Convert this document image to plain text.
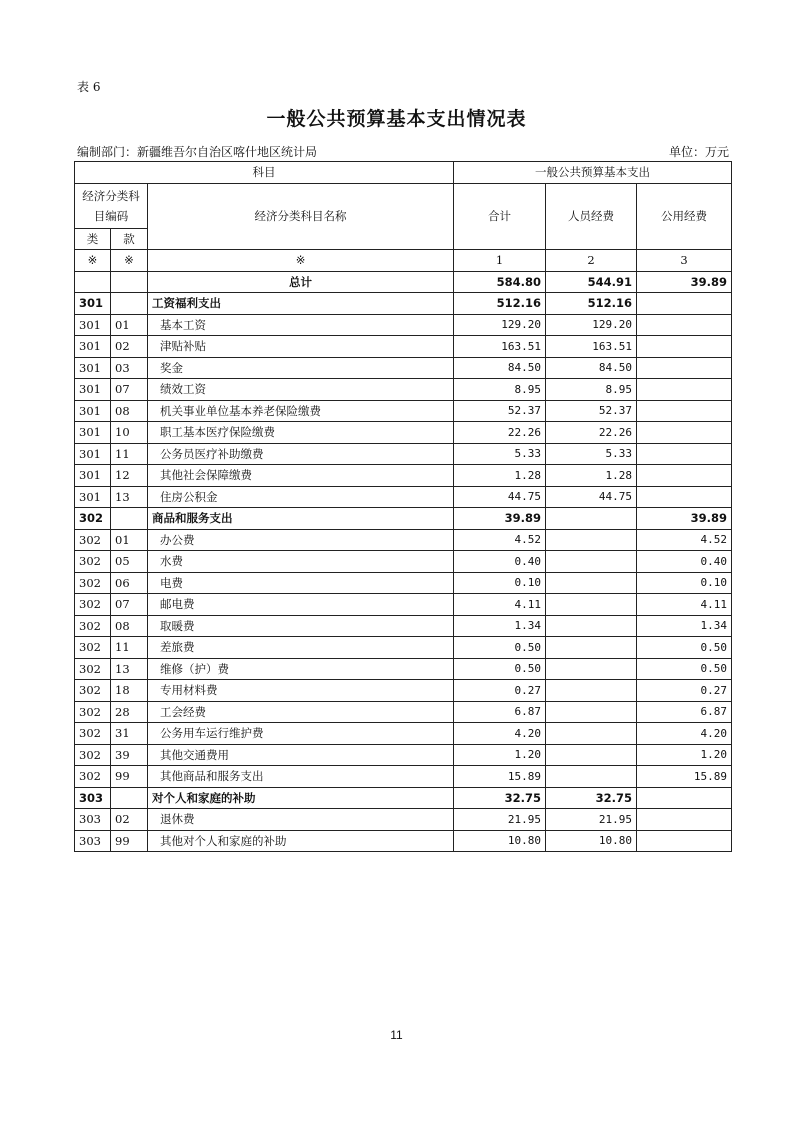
表 6
一般公共预算基本支出情况表
编制部门：新疆维吾尔自治区喀什地区统计局	单位：万元
科目			一般公共预算基本支出		
经济分类科目编码		经济分类科目名称	合计	人员经费	公用经费
类	款				
※	※	※	1	2	3
		总计	584.80	544.91	39.89
301		工资福利支出	512.16	512.16	
301	01	基本工资	129.20	129.20	
301	02	津贴补贴	163.51	163.51	
301	03	奖金	84.50	84.50	
301	07	绩效工资	8.95	8.95	
301	08	机关事业单位基本养老保险缴费	52.37	52.37	
301	10	职工基本医疗保险缴费	22.26	22.26	
301	11	公务员医疗补助缴费	5.33	5.33	
301	12	其他社会保障缴费	1.28	1.28	
301	13	住房公积金	44.75	44.75	
302		商品和服务支出	39.89		39.89
302	01	办公费	4.52		4.52
302	05	水费	0.40		0.40
302	06	电费	0.10		0.10
302	07	邮电费	4.11		4.11
302	08	取暖费	1.34		1.34
302	11	差旅费	0.50		0.50
302	13	维修（护）费	0.50		0.50
302	18	专用材料费	0.27		0.27
302	28	工会经费	6.87		6.87
302	31	公务用车运行维护费	4.20		4.20
302	39	其他交通费用	1.20		1.20
302	99	其他商品和服务支出	15.89		15.89
303		对个人和家庭的补助	32.75	32.75	
303	02	退休费	21.95	21.95	
303	99	其他对个人和家庭的补助	10.80	10.80	
11
